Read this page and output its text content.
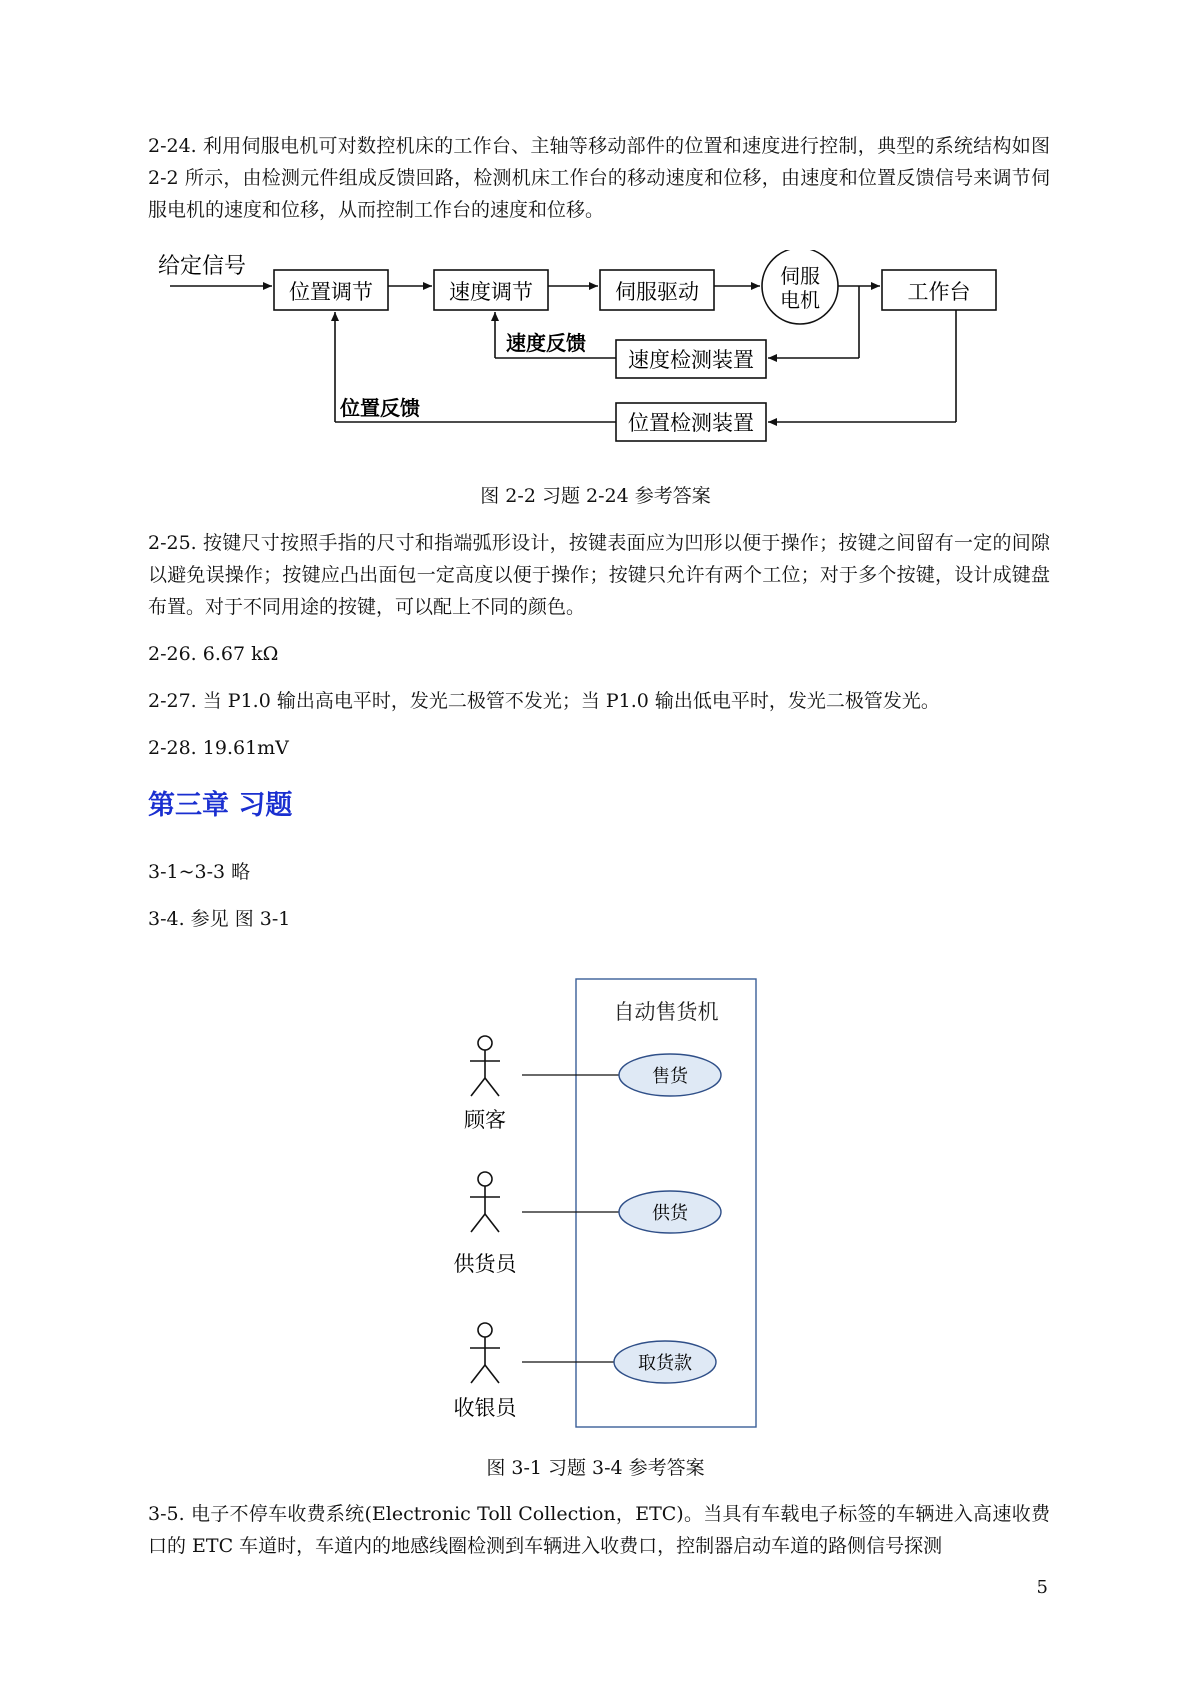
2-24. 利用伺服电机可对数控机床的工作台、主轴等移动部件的位置和速度进行控制，典型的系统结构如图 2-2 所示，由检测元件组成反馈回路，检测机床工作台的移动速度和位移，由速度和位置反馈信号来调节伺服电机的速度和位移，从而控制工作台的速度和位移。

给定信号
位置调节	速度调节	伺服驱动
伺服
电机	工作台
速度检测装置
速度反馈
位置检测装置
位置反馈

图 2-2 习题 2-24 参考答案

2-25. 按键尺寸按照手指的尺寸和指端弧形设计，按键表面应为凹形以便于操作；按键之间留有一定的间隙以避免误操作；按键应凸出面包一定高度以便于操作；按键只允许有两个工位；对于多个按键，设计成键盘布置。对于不同用途的按键，可以配上不同的颜色。

2-26. 6.67 kΩ

2-27. 当 P1.0 输出高电平时，发光二极管不发光；当 P1.0 输出低电平时，发光二极管发光。

2-28. 19.61mV

第三章 习题

3-1~3-3 略

3-4. 参见 图 3-1

自动售货机
顾客
售货
供货员
供货
收银员
取货款

图 3-1 习题 3-4 参考答案

3-5. 电子不停车收费系统(Electronic Toll Collection，ETC)。当具有车载电子标签的车辆进入高速收费口的 ETC 车道时，车道内的地感线圈检测到车辆进入收费口，控制器启动车道的路侧信号探测

5
